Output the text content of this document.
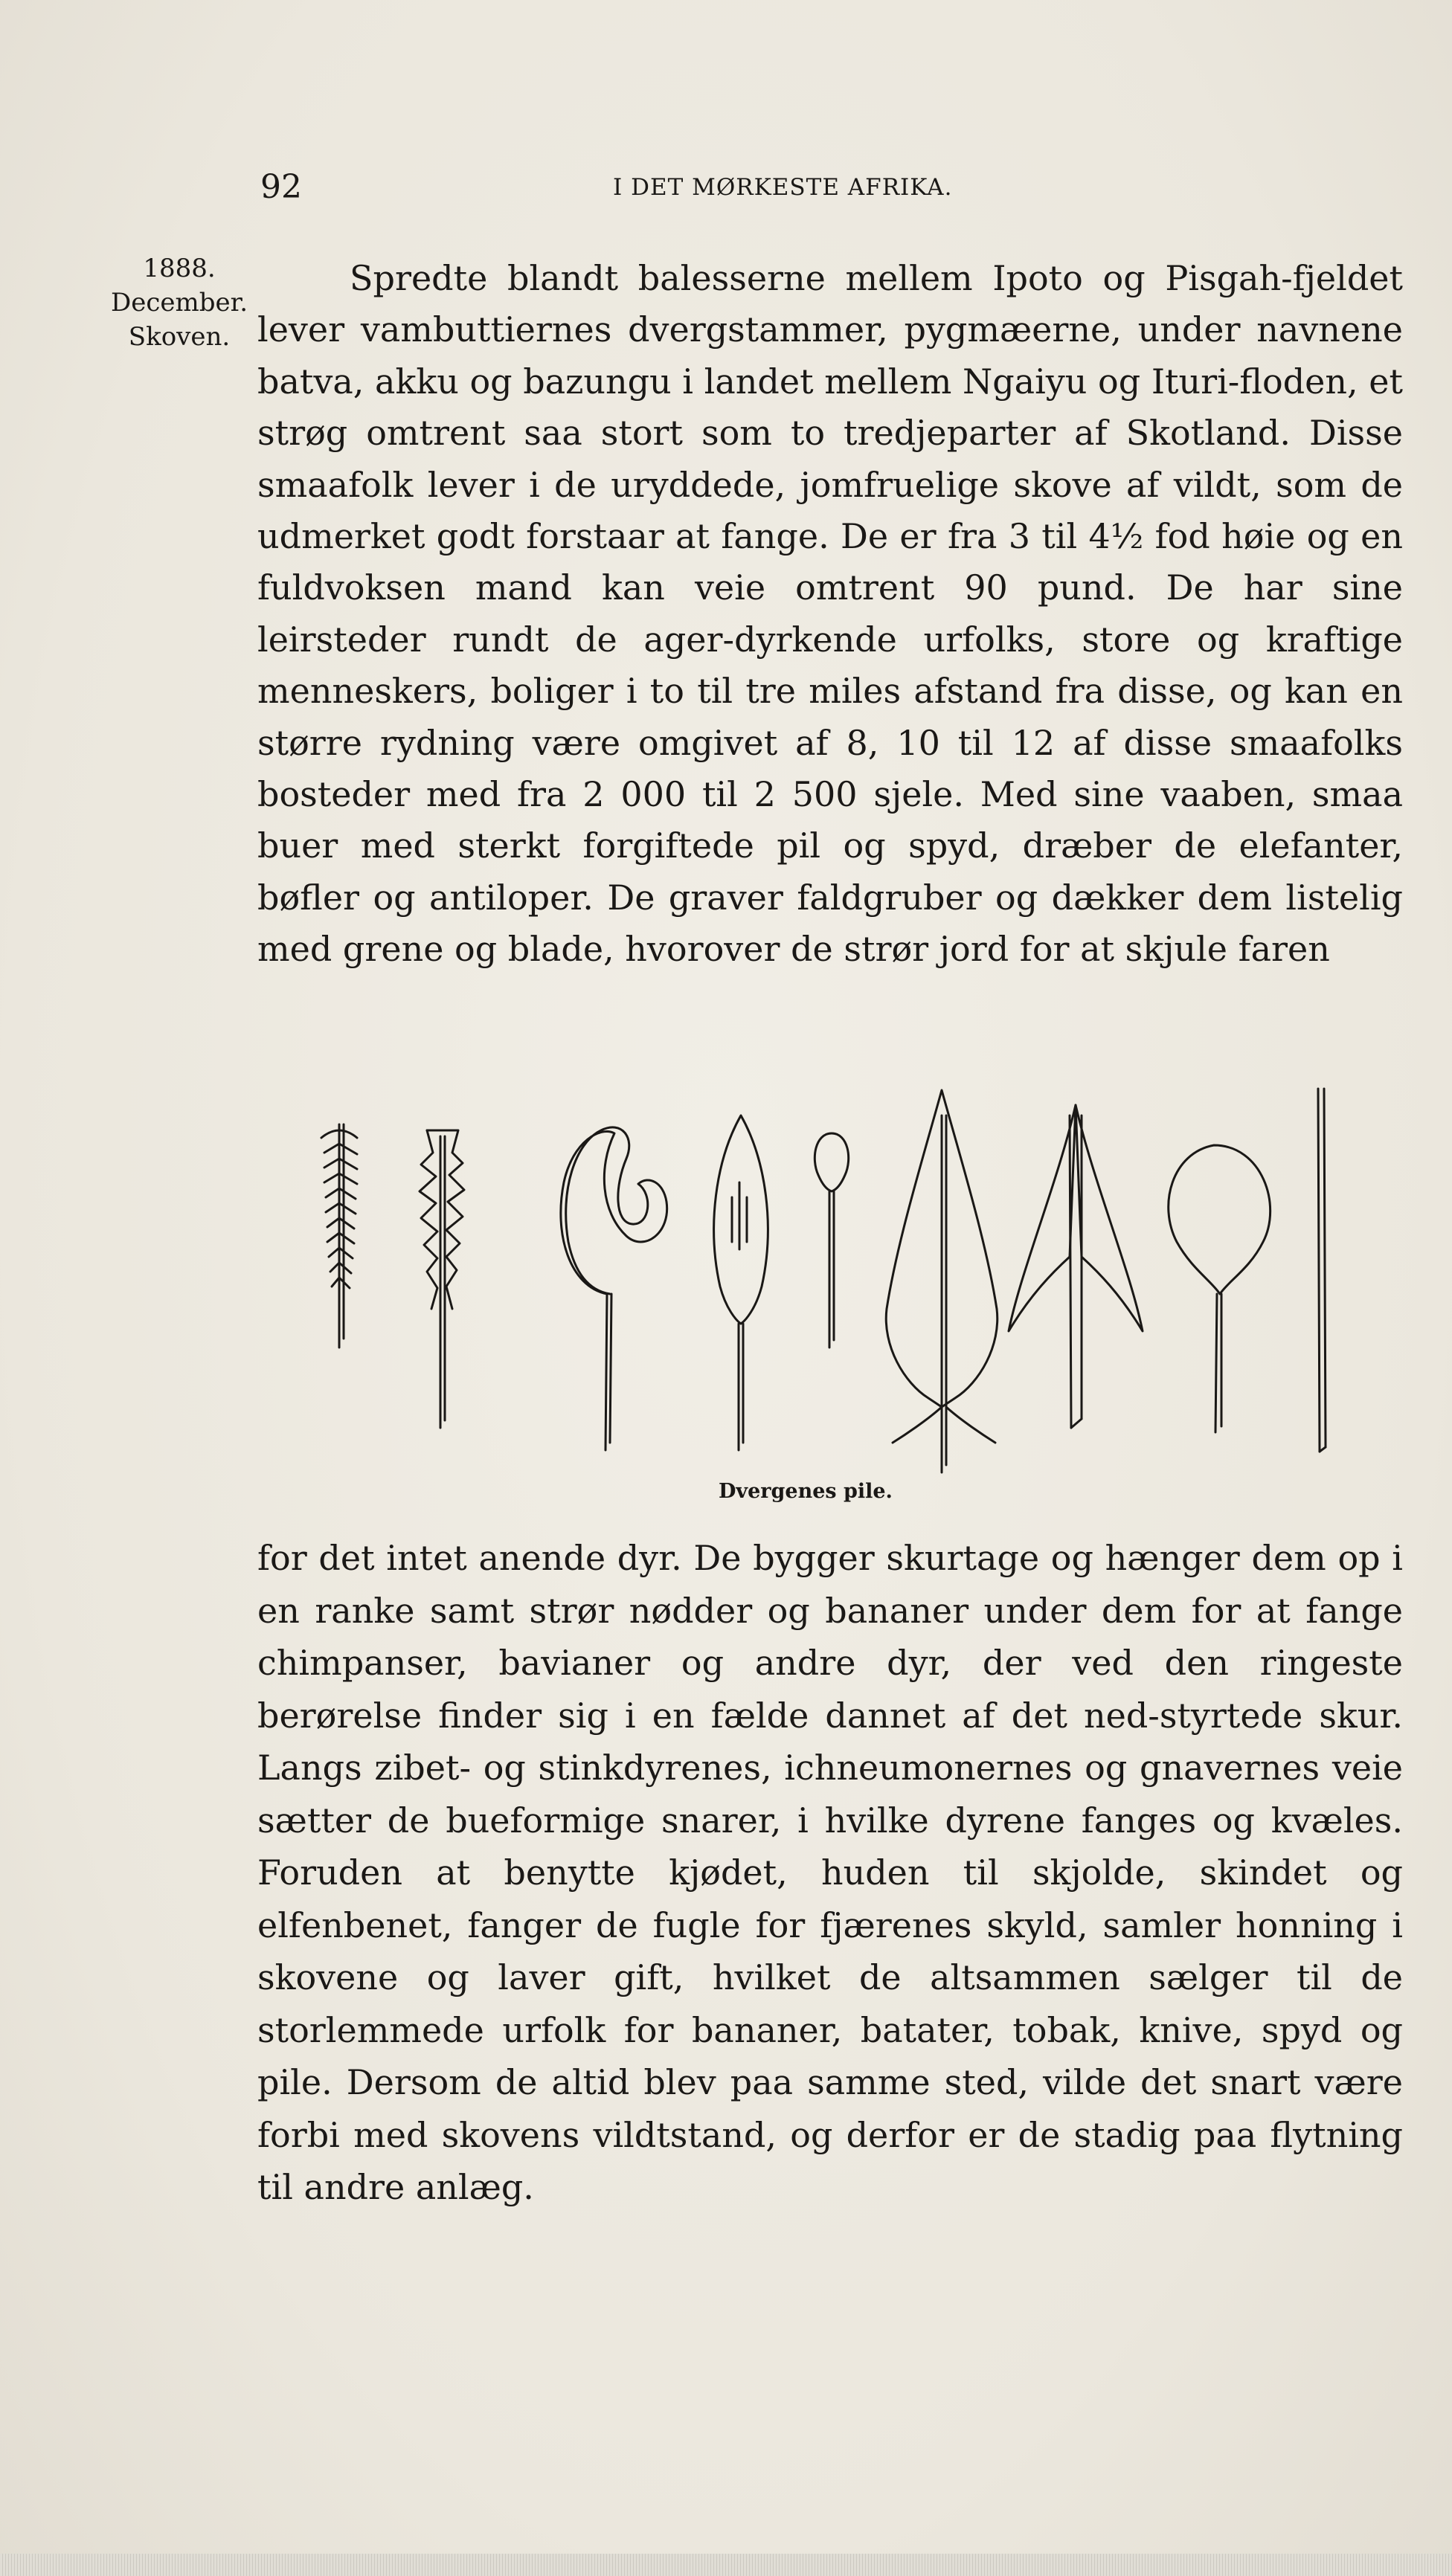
92	I DET MØRKESTE AFRIKA.
1888.
December.
Skoven.

Spredte blandt balesserne mellem Ipoto og Pisgah-fjeldet lever vambuttiernes dvergstammer, pygmæerne, under navnene batva, akku og bazungu i landet mellem Ngaiyu og Ituri-floden, et strøg omtrent saa stort som to tredjeparter af Skotland. Disse smaafolk lever i de uryddede, jomfruelige skove af vildt, som de udmerket godt forstaar at fange. De er fra 3 til 4½ fod høie og en fuldvoksen mand kan veie omtrent 90 pund. De har sine leirsteder rundt de ager-dyrkende urfolks, store og kraftige menneskers, boliger i to til tre miles afstand fra disse, og kan en større rydning være omgivet af 8, 10 til 12 af disse smaafolks bosteder med fra 2 000 til 2 500 sjele. Med sine vaaben, smaa buer med sterkt forgiftede pil og spyd, dræber de elefanter, bøfler og antiloper. De graver faldgruber og dækker dem listelig med grene og blade, hvorover de strør jord for at skjule faren

Dvergenes pile.

for det intet anende dyr. De bygger skurtage og hænger dem op i en ranke samt strør nødder og bananer under dem for at fange chimpanser, bavianer og andre dyr, der ved den ringeste berørelse finder sig i en fælde dannet af det ned-styrtede skur. Langs zibet- og stinkdyrenes, ichneumonernes og gnavernes veie sætter de bueformige snarer, i hvilke dyrene fanges og kvæles. Foruden at benytte kjødet, huden til skjolde, skindet og elfenbenet, fanger de fugle for fjærenes skyld, samler honning i skovene og laver gift, hvilket de altsammen sælger til de storlemmede urfolk for bananer, batater, tobak, knive, spyd og pile. Dersom de altid blev paa samme sted, vilde det snart være forbi med skovens vildtstand, og derfor er de stadig paa flytning til andre anlæg.
